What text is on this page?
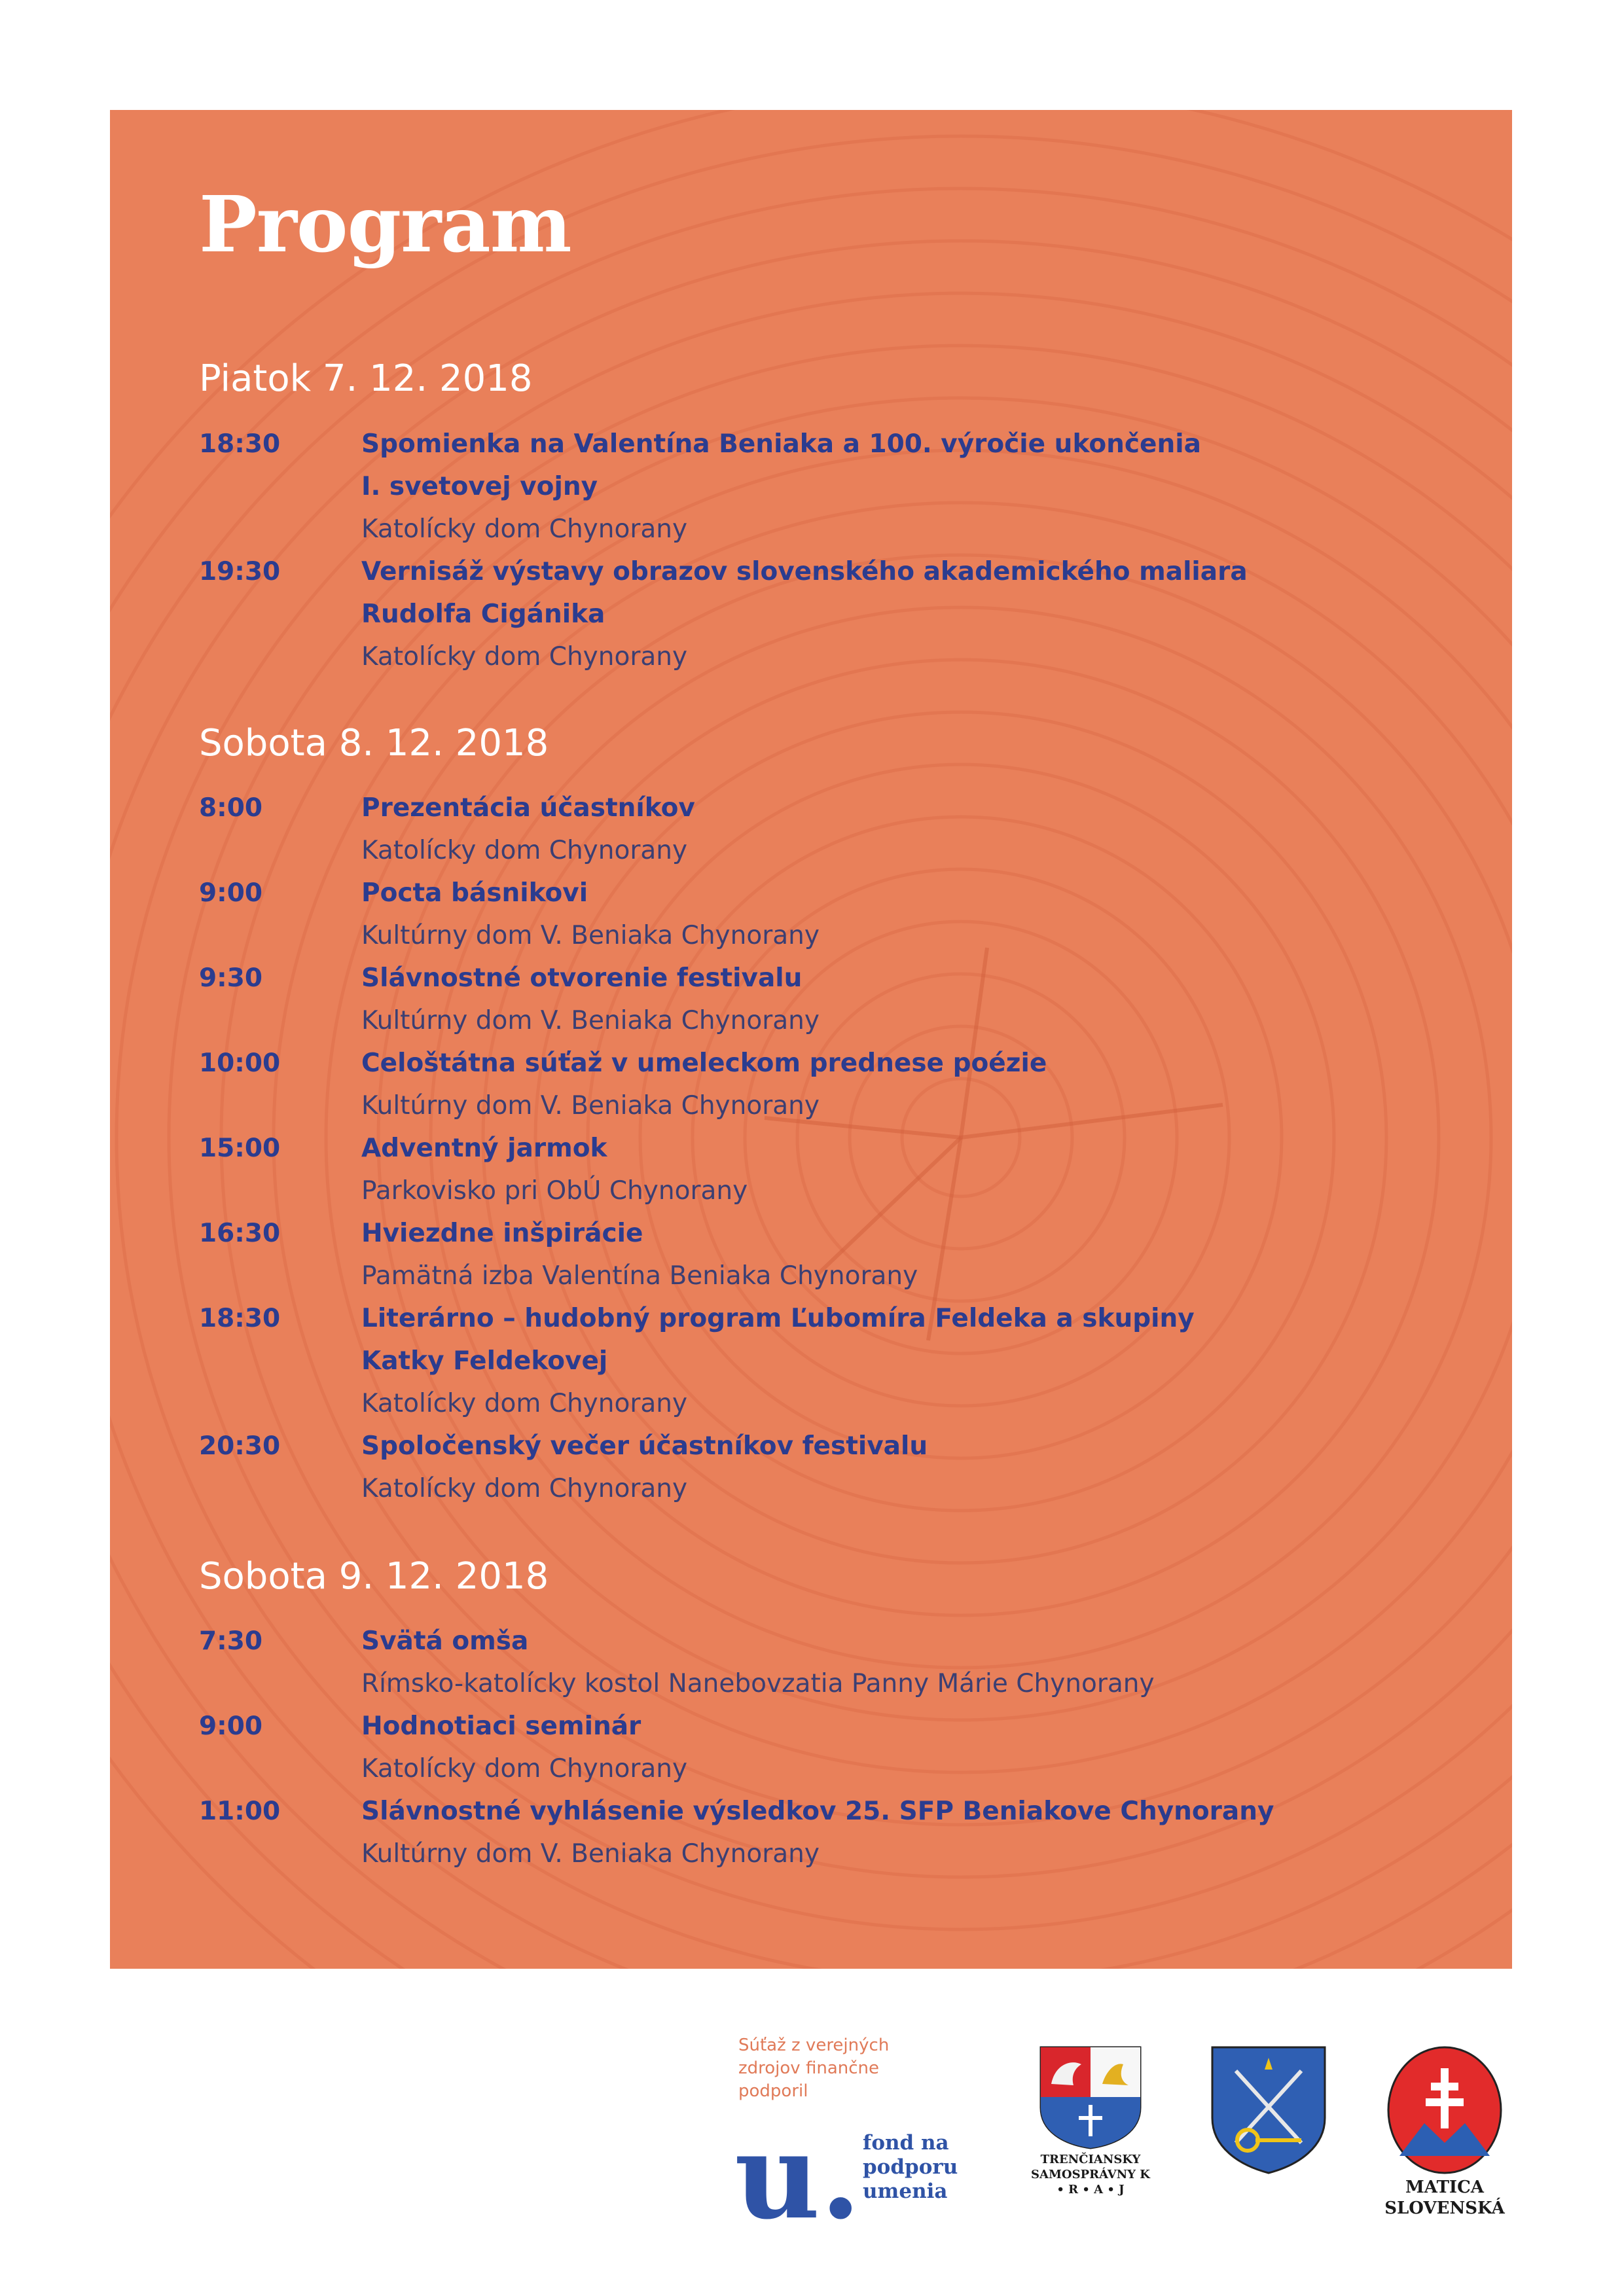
Program
Piatok 7. 12. 2018
18:30	Spomienka na Valentína Beniaka a 100. výročie ukončenia
I. svetovej vojny
Katolícky dom Chynorany
19:30	Vernisáž výstavy obrazov slovenského akademického maliara
Rudolfa Cigánika
Katolícky dom Chynorany
Sobota 8. 12. 2018
8:00	Prezentácia účastníkov
Katolícky dom Chynorany
9:00	Pocta básnikovi
Kultúrny dom V. Beniaka Chynorany
9:30	Slávnostné otvorenie festivalu
Kultúrny dom V. Beniaka Chynorany
10:00	Celoštátna súťaž v umeleckom prednese poézie
Kultúrny dom V. Beniaka Chynorany
15:00	Adventný jarmok
Parkovisko pri ObÚ Chynorany
16:30	Hviezdne inšpirácie
Pamätná izba Valentína Beniaka Chynorany
18:30	Literárno – hudobný program Ľubomíra Feldeka a skupiny
Katky Feldekovej
Katolícky dom Chynorany
20:30	Spoločenský večer účastníkov festivalu
Katolícky dom Chynorany
Sobota 9. 12. 2018
7:30	Svätá omša
Rímsko-katolícky kostol Nanebovzatia Panny Márie Chynorany
9:00	Hodnotiaci seminár
Katolícky dom Chynorany
11:00	Slávnostné vyhlásenie výsledkov 25. SFP Beniakove Chynorany
Kultúrny dom V. Beniaka Chynorany
Súťaž z verejných zdrojov finančne podporil
u. fond na podporu umenia
TRENČIANSKY SAMOSPRÁVNY K • R • A • J	MATICA SLOVENSKÁ
